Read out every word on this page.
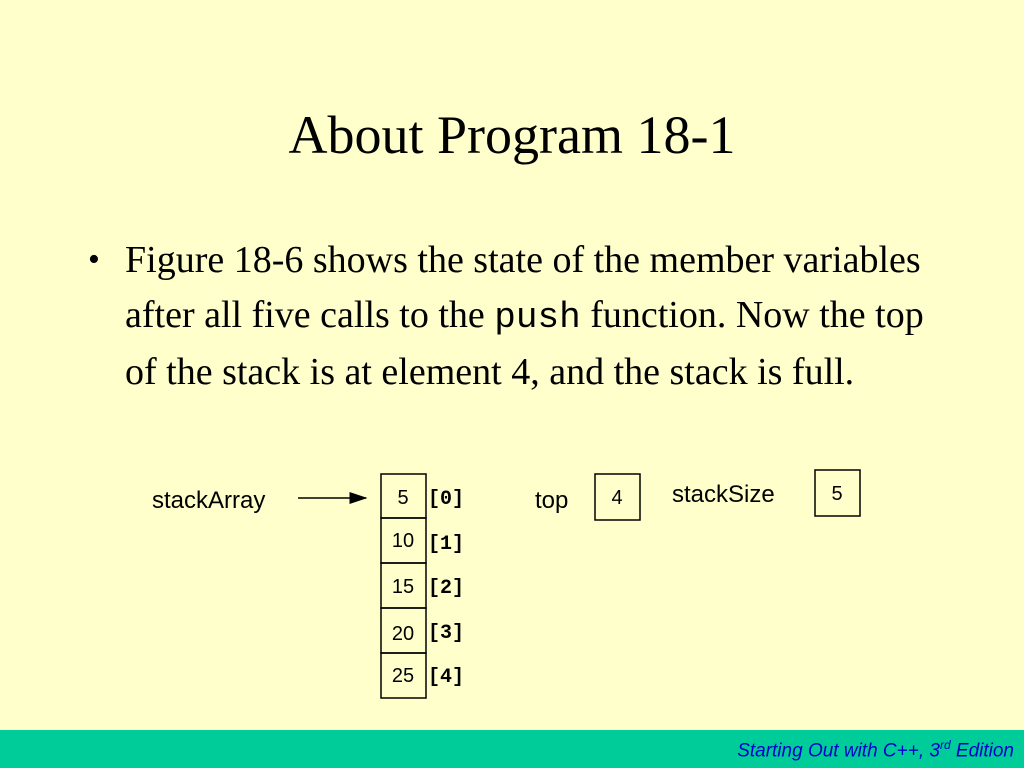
About Program 18-1
• Figure 18-6 shows the state of the member variables after all five calls to the push function. Now the top of the stack is at element 4, and the stack is full.
stackArray	5
10
15
20
25
[0]
[1]
[2]
[3]
[4]
top 4 stackSize	5
Starting Out with C++, 3rd Edition
